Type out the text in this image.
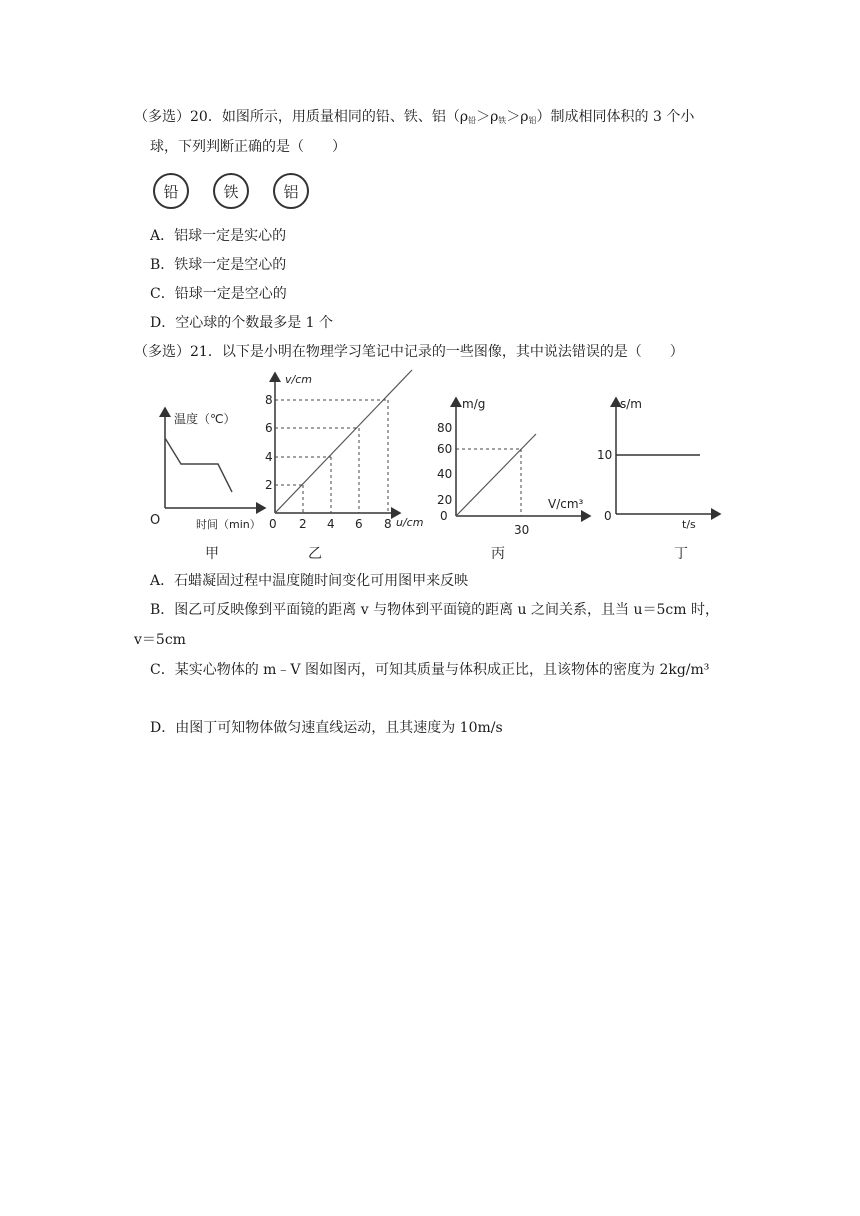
（多选）20．如图所示，用质量相同的铅、铁、铝$(\rho_铅>\rho_铁>\rho_铝)$制成相同体积的 3 个小
球，下列判断正确的是（　　）
铅	铁	铝
A．铝球一定是实心的
B．铁球一定是空心的
C．铅球一定是空心的
D．空心球的个数最多是 1 个
（多选）21．以下是小明在物理学习笔记中记录的一些图像，其中说法错误的是（　　）
温度（℃）
时间（min）
O
甲
v/cm
u/cm
0
2
4
6
8
2 4 6 8
乙
m/g
V/cm³
0
20
40
60
80
30
丙
s/m
t/s
0
10
丁
A．石蜡凝固过程中温度随时间变化可用图甲来反映
B．图乙可反映像到平面镜的距离 v 与物体到平面镜的距离 u 之间关系，且当 u＝5cm 时，
v＝5cm
C．某实心物体的 m﹣V 图如图丙，可知其质量与体积成正比，且该物体的密度为 2kg/m³
D．由图丁可知物体做匀速直线运动，且其速度为 10m/s
